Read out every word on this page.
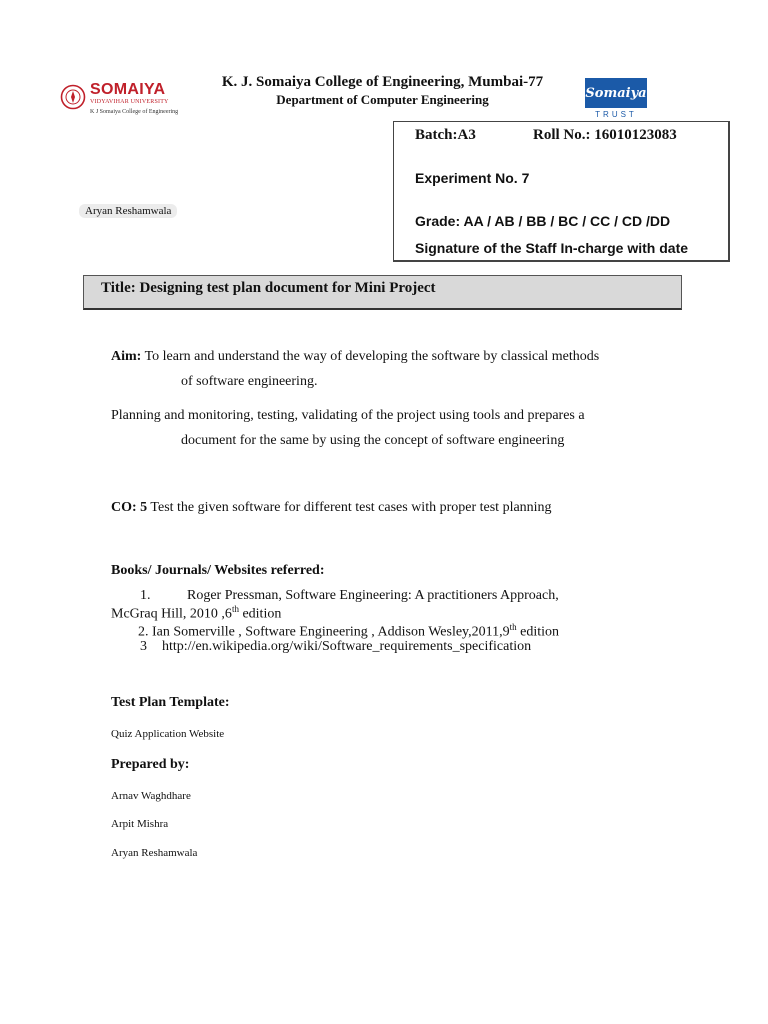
SOMAIYA
VIDYAVIHAR UNIVERSITY
K J Somaiya College of Engineering
Somaiya
TRUST
K. J. Somaiya College of Engineering, Mumbai-77
Department of Computer Engineering
Batch:A3	Roll No.: 16010123083
Experiment No. 7
Grade: AA / AB / BB / BC / CC / CD /DD
Signature of the Staff In-charge with date
Aryan Reshamwala
Title: Designing test plan document for Mini Project
Aim: To learn and understand the way of developing the software by classical methods
of software engineering.
Planning and monitoring, testing, validating of the project using tools and prepares a
document for the same by using the concept of software engineering
CO: 5 Test the given software for different test cases with proper test planning
Books/ Journals/ Websites referred:
1.	Roger Pressman, Software Engineering: A practitioners Approach,
McGraq Hill, 2010 ,6th edition
2. Ian Somerville , Software Engineering , Addison Wesley,2011,9th edition
3 http://en.wikipedia.org/wiki/Software_requirements_specification
Test Plan Template:
Quiz Application Website
Prepared by:
Arnav Waghdhare
Arpit Mishra
Aryan Reshamwala
